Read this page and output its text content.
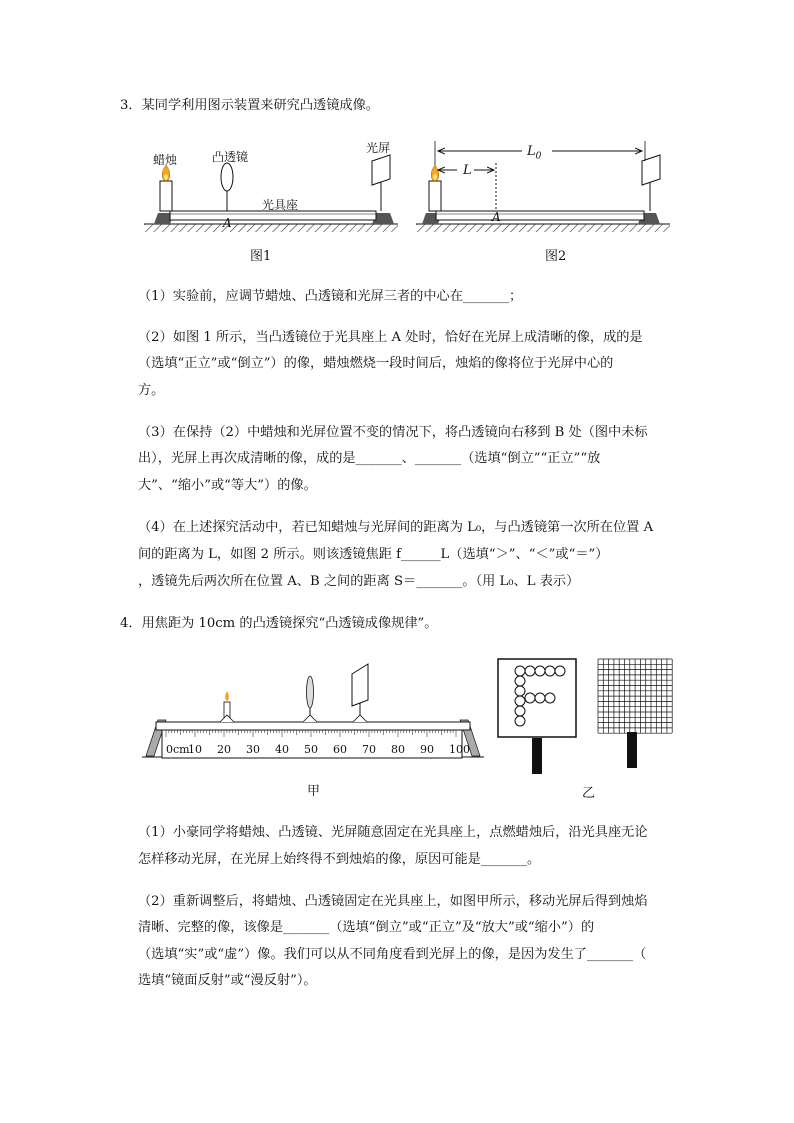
3．某同学利用图示装置来研究凸透镜成像。
蜡烛	凸透镜
光屏
光具座
A
图1
$L_0$
L
A
图2
（1）实验前，应调节蜡烛、凸透镜和光屏三者的中心在_______；
（2）如图 1 所示，当凸透镜位于光具座上 A 处时，恰好在光屏上成清晰的像，成的是
（选填“正立”或“倒立”）的像，蜡烛燃烧一段时间后，烛焰的像将位于光屏中心的
方。
（3）在保持（2）中蜡烛和光屏位置不变的情况下，将凸透镜向右移到 B 处（图中未标
出），光屏上再次成清晰的像，成的是_______、_______（选填“倒立”“正立”“放
大”、“缩小”或“等大”）的像。
（4）在上述探究活动中，若已知蜡烛与光屏间的距离为 L₀，与凸透镜第一次所在位置 A
间的距离为 L，如图 2 所示。则该透镜焦距 f______L（选填“＞”、“＜”或“＝”）
，透镜先后两次所在位置 A、B 之间的距离 S＝_______。（用 L₀、L 表示）
4．用焦距为 10cm 的凸透镜探究“凸透镜成像规律”。
0cm
10 20 30 40 50 60 70 80 90 100
甲	乙
（1）小豪同学将蜡烛、凸透镜、光屏随意固定在光具座上，点燃蜡烛后，沿光具座无论
怎样移动光屏，在光屏上始终得不到烛焰的像，原因可能是_______。
（2）重新调整后，将蜡烛、凸透镜固定在光具座上，如图甲所示，移动光屏后得到烛焰
清晰、完整的像，该像是_______（选填“倒立”或“正立”及“放大”或“缩小”）的
（选填“实”或“虚”）像。我们可以从不同角度看到光屏上的像，是因为发生了_______（
选填“镜面反射”或“漫反射”）。
